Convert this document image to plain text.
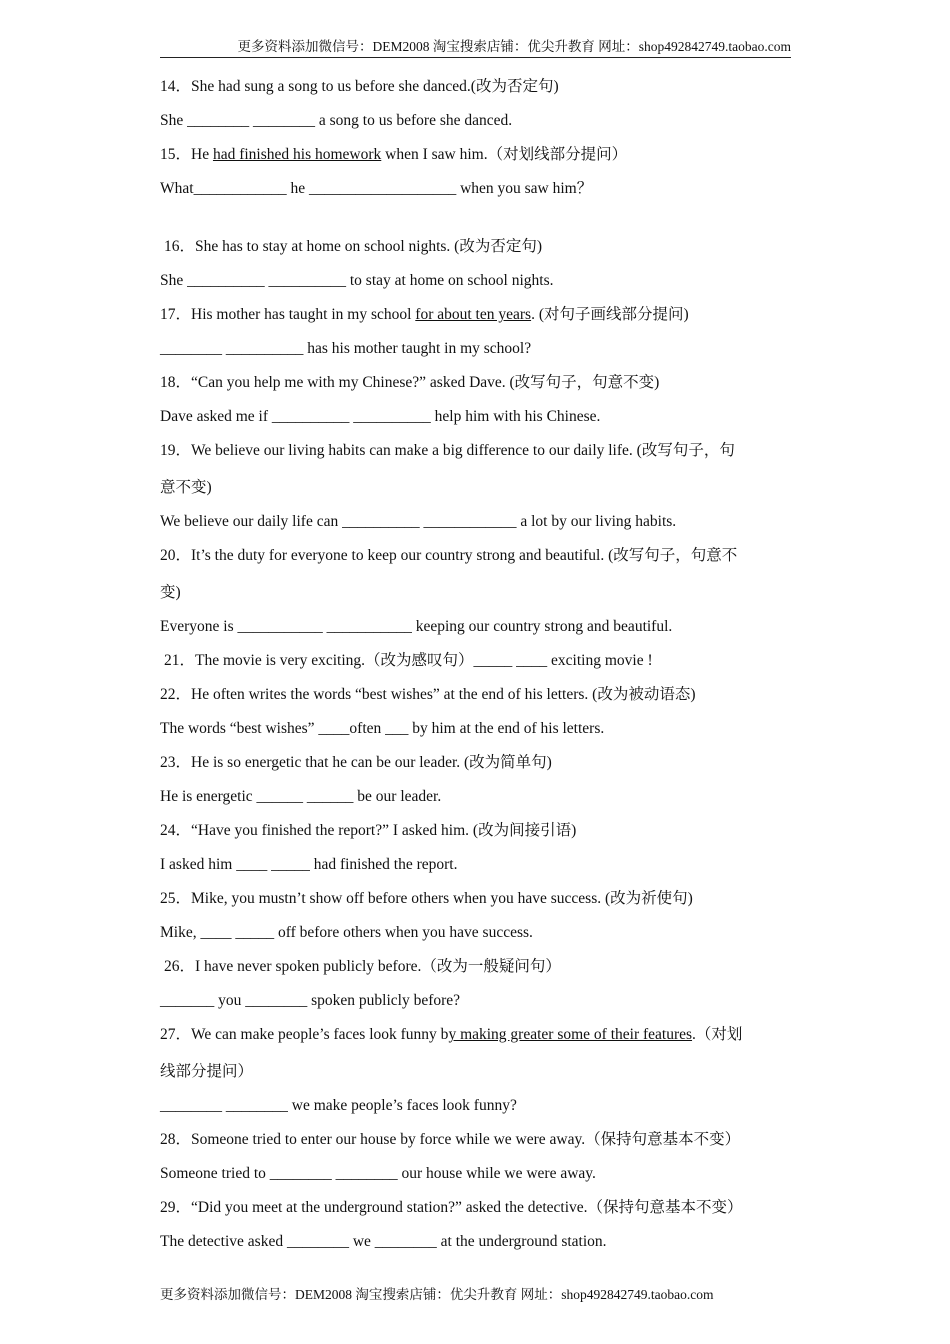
更多资料添加微信号：DEM2008 淘宝搜索店铺：优尖升教育 网址：shop492842749.taobao.com
14．She had sung a song to us before she danced.(改为否定句)
She ________ ________ a song to us before she danced.
15．He had finished his homework when I saw him.（对划线部分提问）
What____________ he ___________________ when you saw him？
16．She has to stay at home on school nights. (改为否定句)
She __________ __________ to stay at home on school nights.
17．His mother has taught in my school for about ten years. (对句子画线部分提问)
________ __________ has his mother taught in my school?
18．“Can you help me with my Chinese?” asked Dave. (改写句子，句意不变)
Dave asked me if __________ __________ help him with his Chinese.
19．We believe our living habits can make a big difference to our daily life. (改写句子，句
意不变)
We believe our daily life can __________ ____________ a lot by our living habits.
20．It’s the duty for everyone to keep our country strong and beautiful. (改写句子，句意不
变)
Everyone is ___________ ___________ keeping our country strong and beautiful.
21．The movie is very exciting.（改为感叹句）_____ ____ exciting movie !
22．He often writes the words “best wishes” at the end of his letters. (改为被动语态)
The words “best wishes” ____often ___ by him at the end of his letters.
23．He is so energetic that he can be our leader. (改为简单句)
He is energetic ______ ______ be our leader.
24．“Have you finished the report?” I asked him. (改为间接引语)
I asked him ____ _____ had finished the report.
25．Mike, you mustn’t show off before others when you have success. (改为祈使句)
Mike, ____ _____ off before others when you have success.
26．I have never spoken publicly before.（改为一般疑问句）
_______ you ________ spoken publicly before?
27．We can make people’s faces look funny by making greater some of their features.（对划
线部分提问）
________ ________ we make people’s faces look funny?
28．Someone tried to enter our house by force while we were away.（保持句意基本不变）
Someone tried to ________ ________ our house while we were away.
29．“Did you meet at the underground station?” asked the detective.（保持句意基本不变）
The detective asked ________ we ________ at the underground station.
更多资料添加微信号：DEM2008 淘宝搜索店铺：优尖升教育 网址：shop492842749.taobao.com
